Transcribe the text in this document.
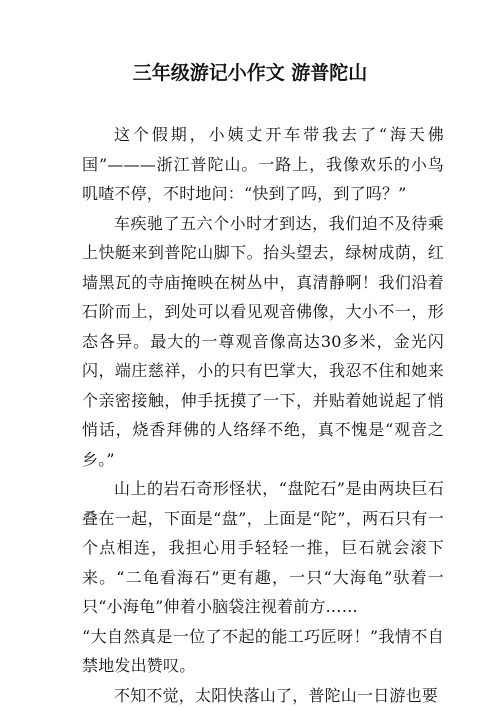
三年级游记小作文 游普陀山

这个假期，小姨丈开车带我去了“海天佛国”———浙江普陀山。一路上，我像欢乐的小鸟叽喳不停，不时地问：“快到了吗，到了吗？”

车疾驰了五六个小时才到达，我们迫不及待乘上快艇来到普陀山脚下。抬头望去，绿树成荫，红墙黑瓦的寺庙掩映在树丛中，真清静啊！我们沿着石阶而上，到处可以看见观音佛像，大小不一，形态各异。最大的一尊观音像高达30多米，金光闪闪，端庄慈祥，小的只有巴掌大，我忍不住和她来个亲密接触，伸手抚摸了一下，并贴着她说起了悄悄话，烧香拜佛的人络绎不绝，真不愧是“观音之乡。”

山上的岩石奇形怪状，“盘陀石”是由两块巨石叠在一起，下面是“盘”，上面是“陀”，两石只有一个点相连，我担心用手轻轻一推，巨石就会滚下来。“二龟看海石”更有趣，一只“大海龟”驮着一只“小海龟”伸着小脑袋注视着前方……

“大自然真是一位了不起的能工巧匠呀！”我情不自禁地发出赞叹。

不知不觉，太阳快落山了，普陀山一日游也要
